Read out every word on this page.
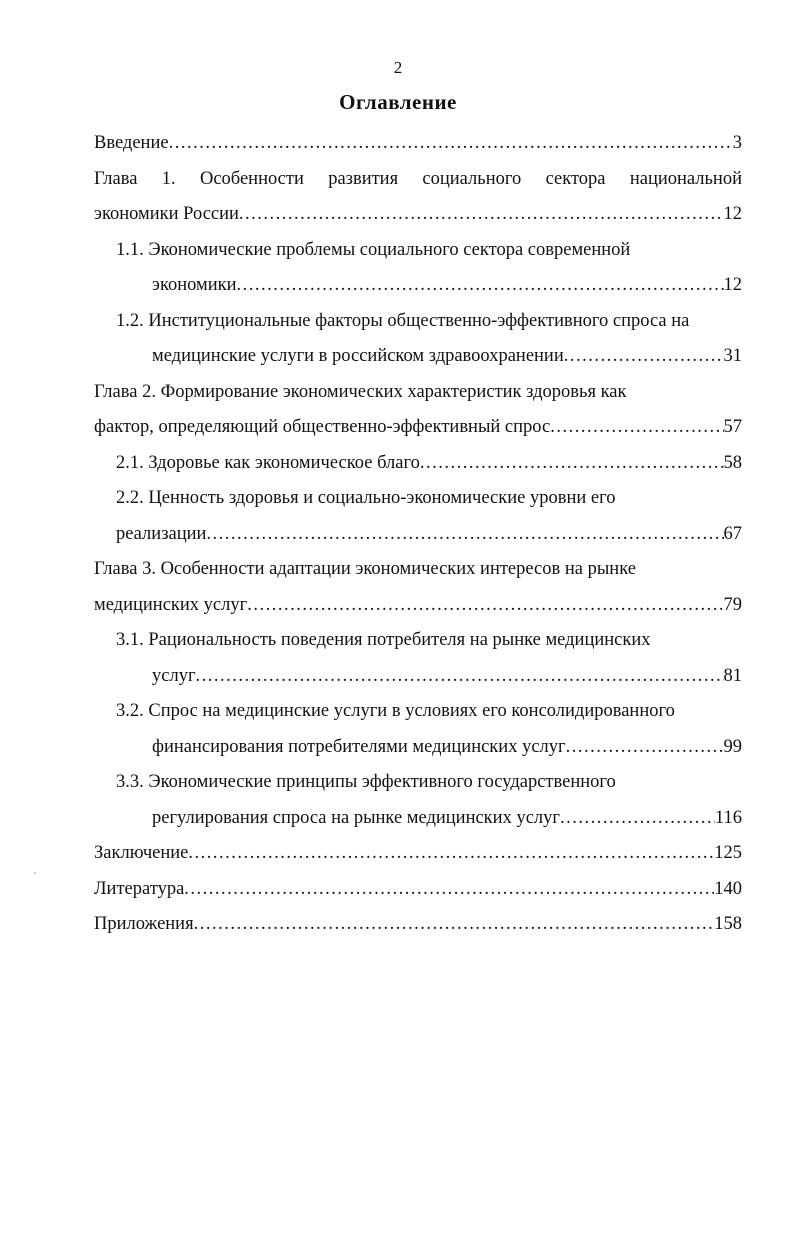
2
Оглавление
Введение .....	3
Глава 1. Особенности развития социального сектора национальной
экономики России .....	12
1.1. Экономические проблемы социального сектора современной
экономики .....	12
1.2. Институциональные факторы общественно-эффективного спроса на
медицинские услуги в российском здравоохранении .....	31
Глава 2. Формирование экономических характеристик здоровья как
фактор, определяющий общественно-эффективный спрос .....	57
2.1. Здоровье как экономическое благо .....	58
2.2. Ценность здоровья и социально-экономические уровни его
реализации .....	67
Глава 3. Особенности адаптации экономических интересов на рынке
медицинских услуг .....	79
3.1. Рациональность поведения потребителя на рынке медицинских
услуг .....	81
3.2. Спрос на медицинские услуги в условиях его консолидированного
финансирования потребителями медицинских услуг .....	99
3.3. Экономические принципы эффективного государственного
регулирования спроса на рынке медицинских услуг .....	116
Заключение .....	125
Литература .....	140
Приложения .....	158
